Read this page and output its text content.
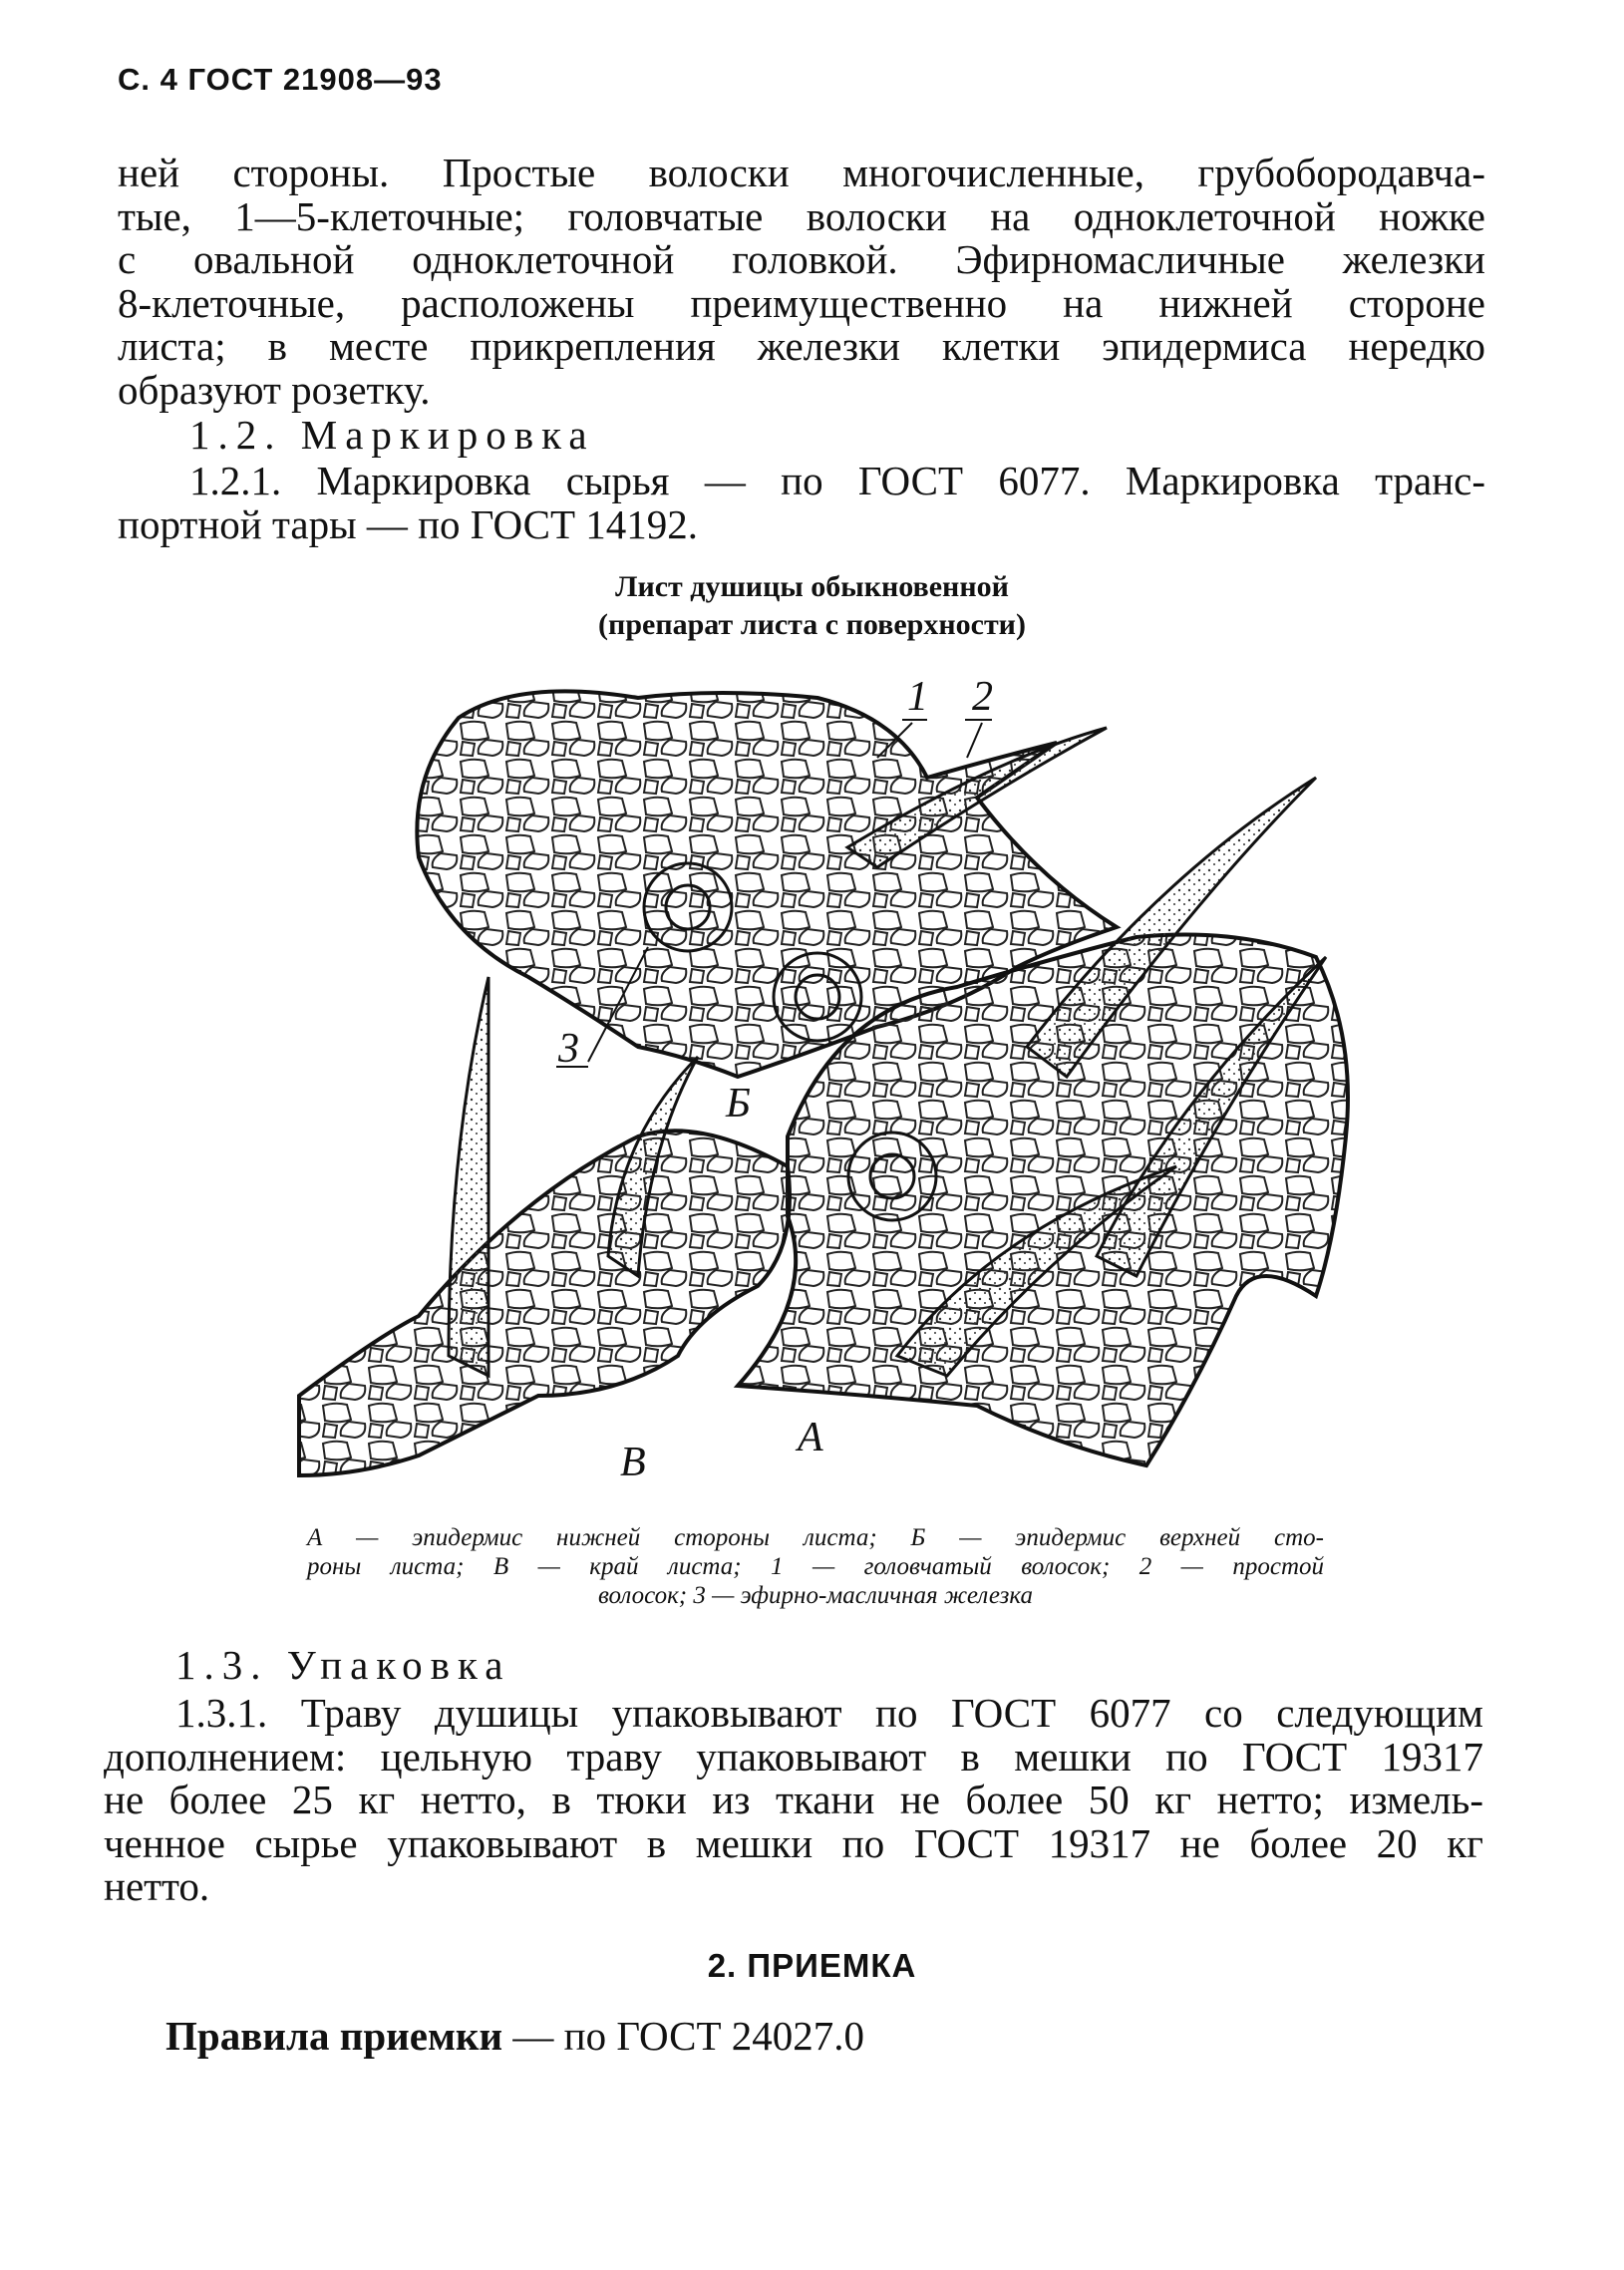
С. 4 ГОСТ 21908—93
ней стороны. Простые волоски многочисленные, грубобородавча-
тые, 1—5-клеточные; головчатые волоски на одноклеточной ножке
с овальной одноклеточной головкой. Эфирномасличные железки
8-клеточные, расположены преимущественно на нижней стороне
листа; в месте прикрепления железки клетки эпидермиса нередко
образуют розетку.
1.2. Маркировка
1.2.1. Маркировка сырья — по ГОСТ 6077. Маркировка транс-
портной тары — по ГОСТ 14192.
Лист душицы обыкновенной
(препарат листа с поверхности)
1 2
3
Б
А
В
А — эпидермис нижней стороны листа; Б — эпидермис верхней сто-
роны листа; В — край листа; 1 — головчатый волосок; 2 — простой
волосок; 3 — эфирно-масличная железка
1.3. Упаковка
1.3.1. Траву душицы упаковывают по ГОСТ 6077 со следующим
дополнением: цельную траву упаковывают в мешки по ГОСТ 19317
не более 25 кг нетто, в тюки из ткани не более 50 кг нетто; измель-
ченное сырье упаковывают в мешки по ГОСТ 19317 не более 20 кг
нетто.
2. ПРИЕМКА
Правила приемки — по ГОСТ 24027.0
